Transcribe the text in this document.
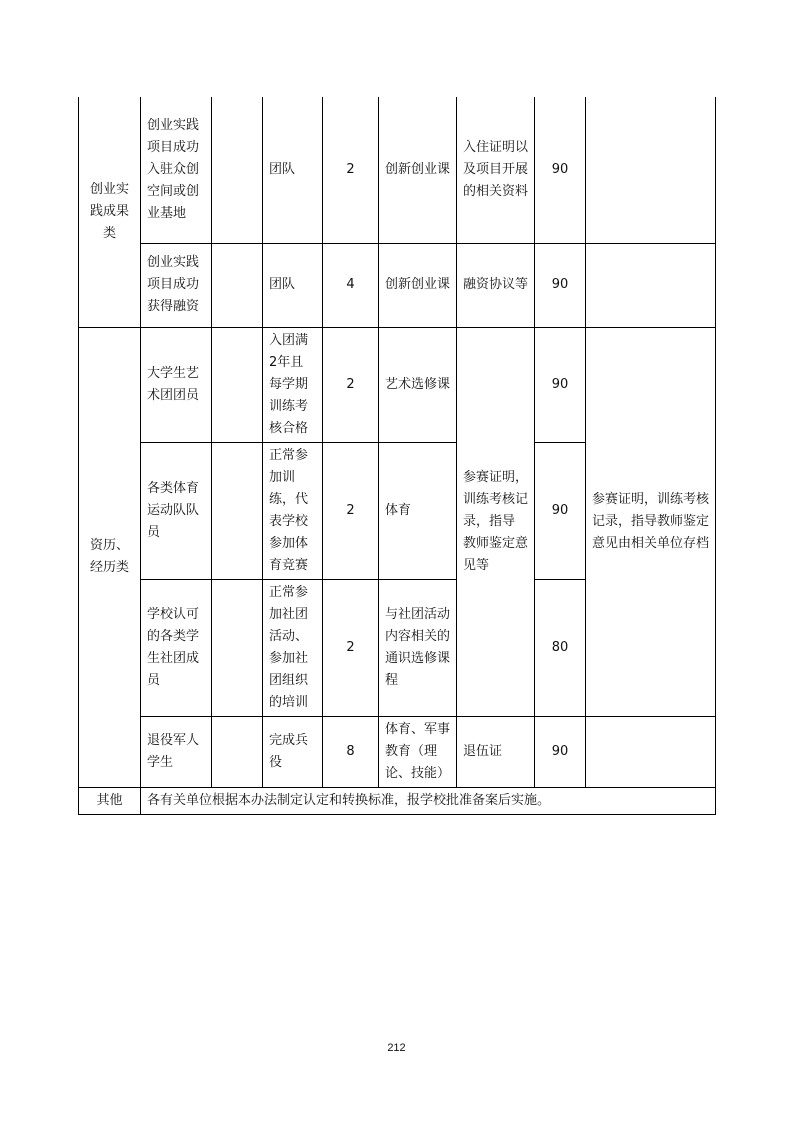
创业实践成果类	创业实践项目成功入驻众创空间或创业基地		团队	2	创新创业课	入住证明以及项目开展的相关资料	90	
	创业实践项目成功获得融资		团队	4	创新创业课	融资协议等	90	
资历、经历类	大学生艺术团团员		入团满2年且每学期训练考核合格	2	艺术选修课	参赛证明，训练考核记录，指导 教师鉴定意见等	90	参赛证明，训练考核记录，指导教师鉴定意见由相关单位存档
	各类体育运动队队员		正常参加训练，代表学校参加体育竞赛	2	体育		90	
	学校认可的各类学生社团成员		正常参加社团活动、参加社团组织的培训	2	与社团活动内容相关的通识选修课程		80	
	退役军人学生		完成兵役	8	体育、军事教育（理论、技能）	退伍证	90	
其他	各有关单位根据本办法制定认定和转换标准，报学校批准备案后实施。							
212
